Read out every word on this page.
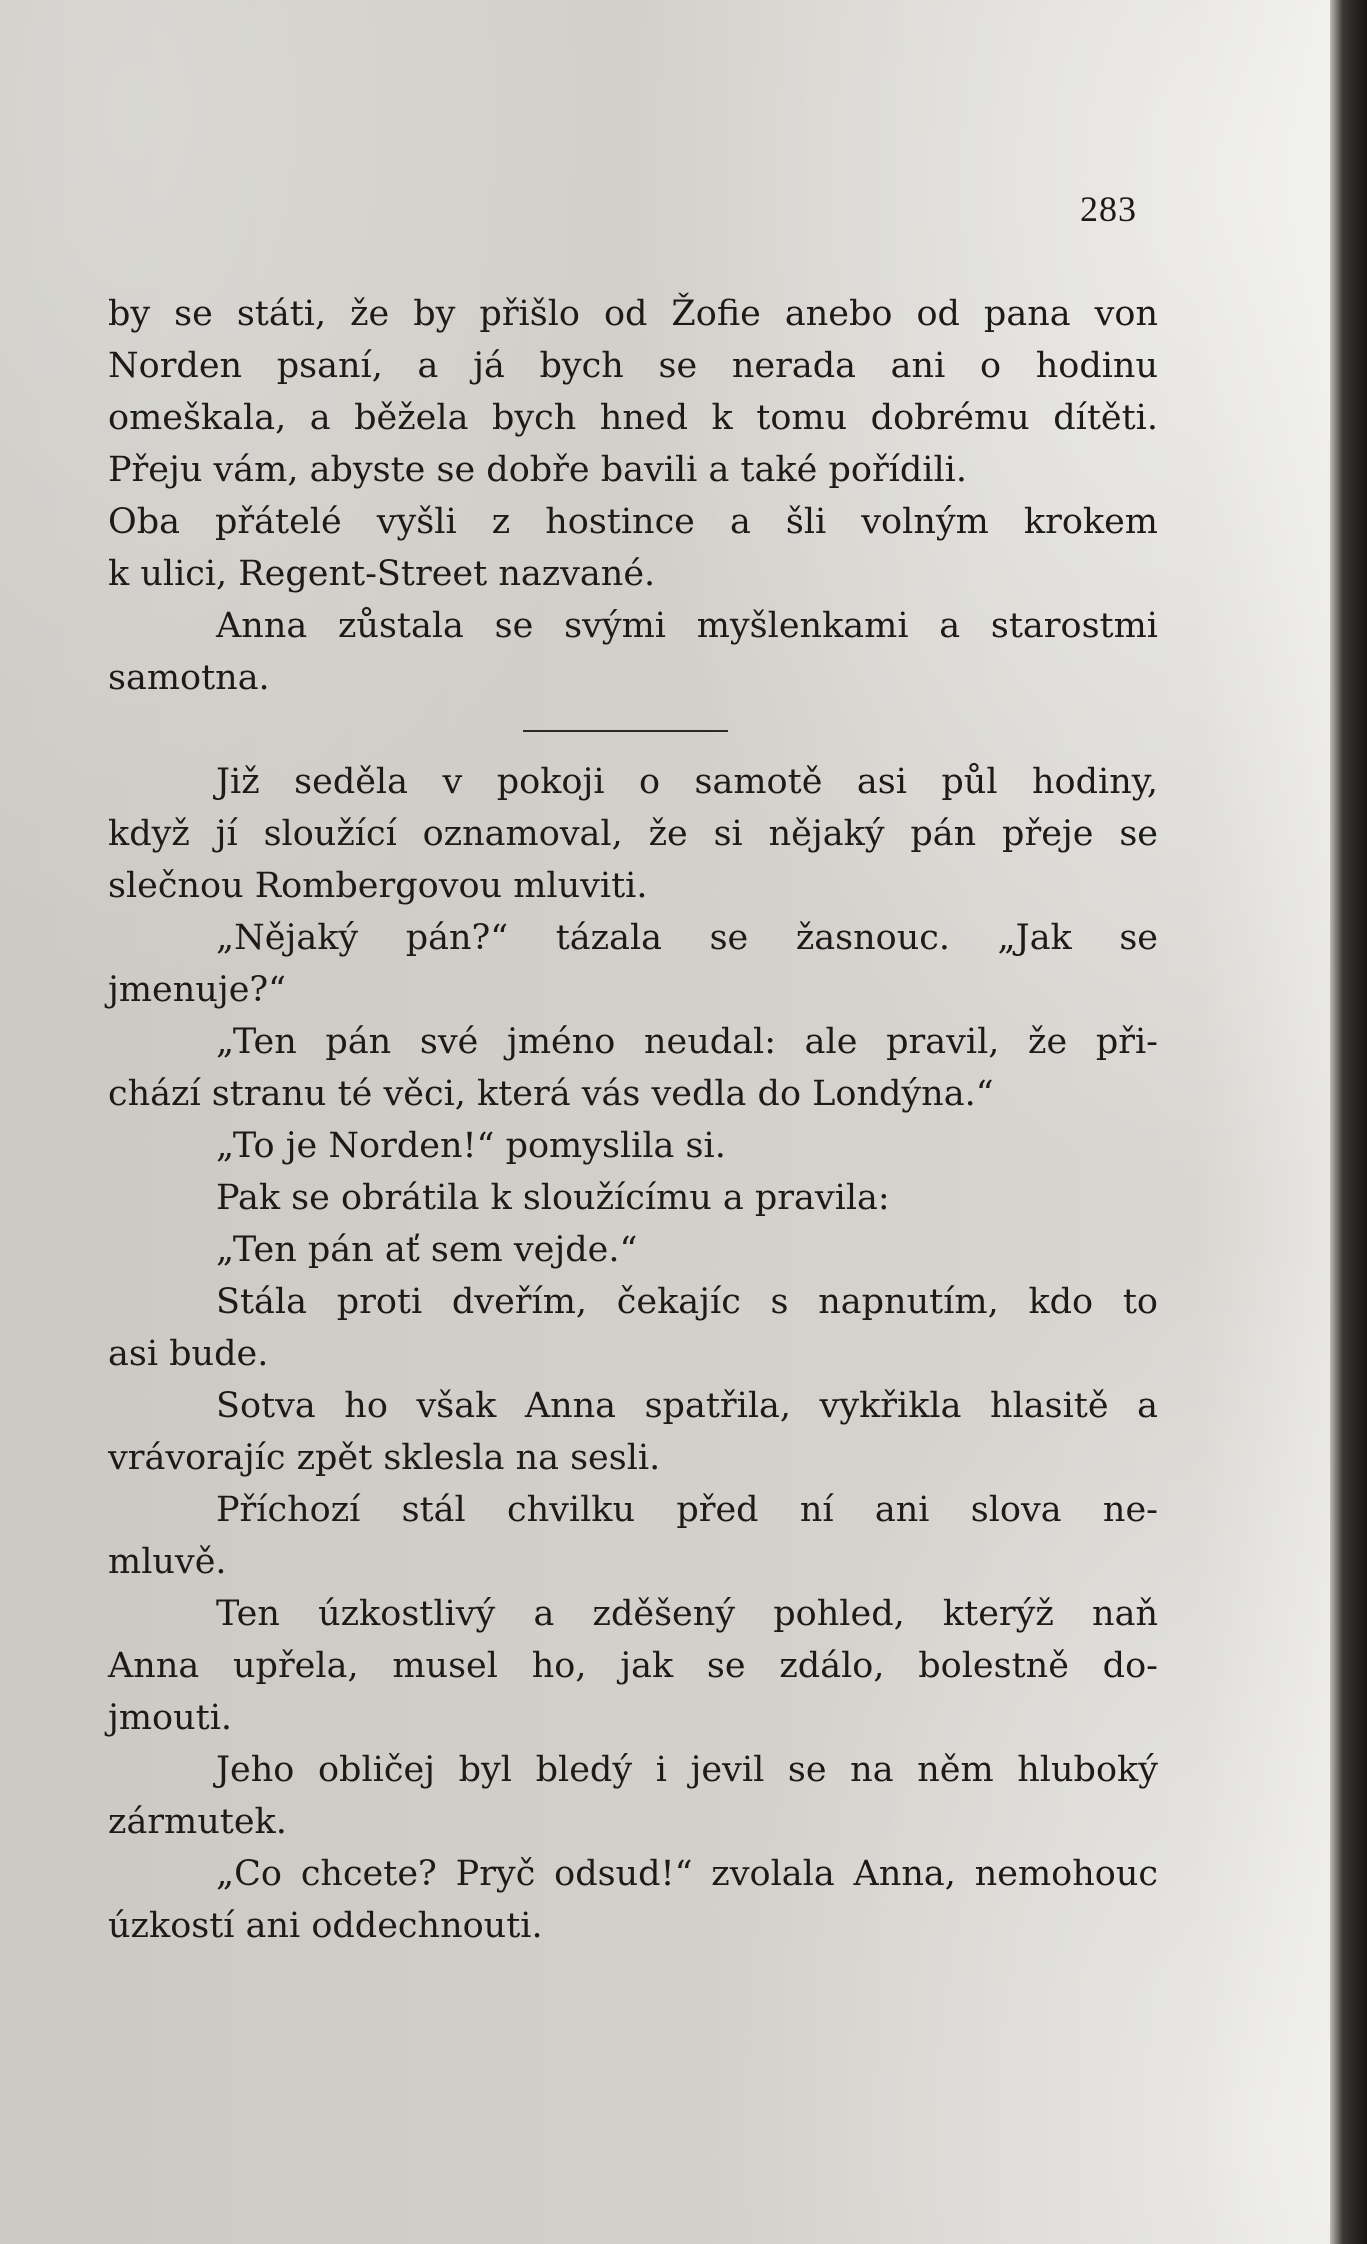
283
by se státi, že by přišlo od Žofie anebo od pana von
Norden psaní, a já bych se nerada ani o hodinu
omeškala, a běžela bych hned k tomu dobrému dítěti.
Přeju vám, abyste se dobře bavili a také pořídili.
Oba přátelé vyšli z hostince a šli volným krokem
k ulici, Regent-Street nazvané.
Anna zůstala se svými myšlenkami a starostmi
samotna.
Již seděla v pokoji o samotě asi půl hodiny,
když jí sloužící oznamoval, že si nějaký pán přeje se
slečnou Rombergovou mluviti.
„Nějaký pán?“ tázala se žasnouc. „Jak se
jmenuje?“
„Ten pán své jméno neudal: ale pravil, že při-
chází stranu té věci, která vás vedla do Londýna.“
„To je Norden!“ pomyslila si.
Pak se obrátila k sloužícímu a pravila:
„Ten pán ať sem vejde.“
Stála proti dveřím, čekajíc s napnutím, kdo to
asi bude.
Sotva ho však Anna spatřila, vykřikla hlasitě a
vrávorajíc zpět sklesla na sesli.
Příchozí stál chvilku před ní ani slova ne-
mluvě.
Ten úzkostlivý a zděšený pohled, kterýž naň
Anna upřela, musel ho, jak se zdálo, bolestně do-
jmouti.
Jeho obličej byl bledý i jevil se na něm hluboký
zármutek.
„Co chcete? Pryč odsud!“ zvolala Anna, nemohouc
úzkostí ani oddechnouti.
